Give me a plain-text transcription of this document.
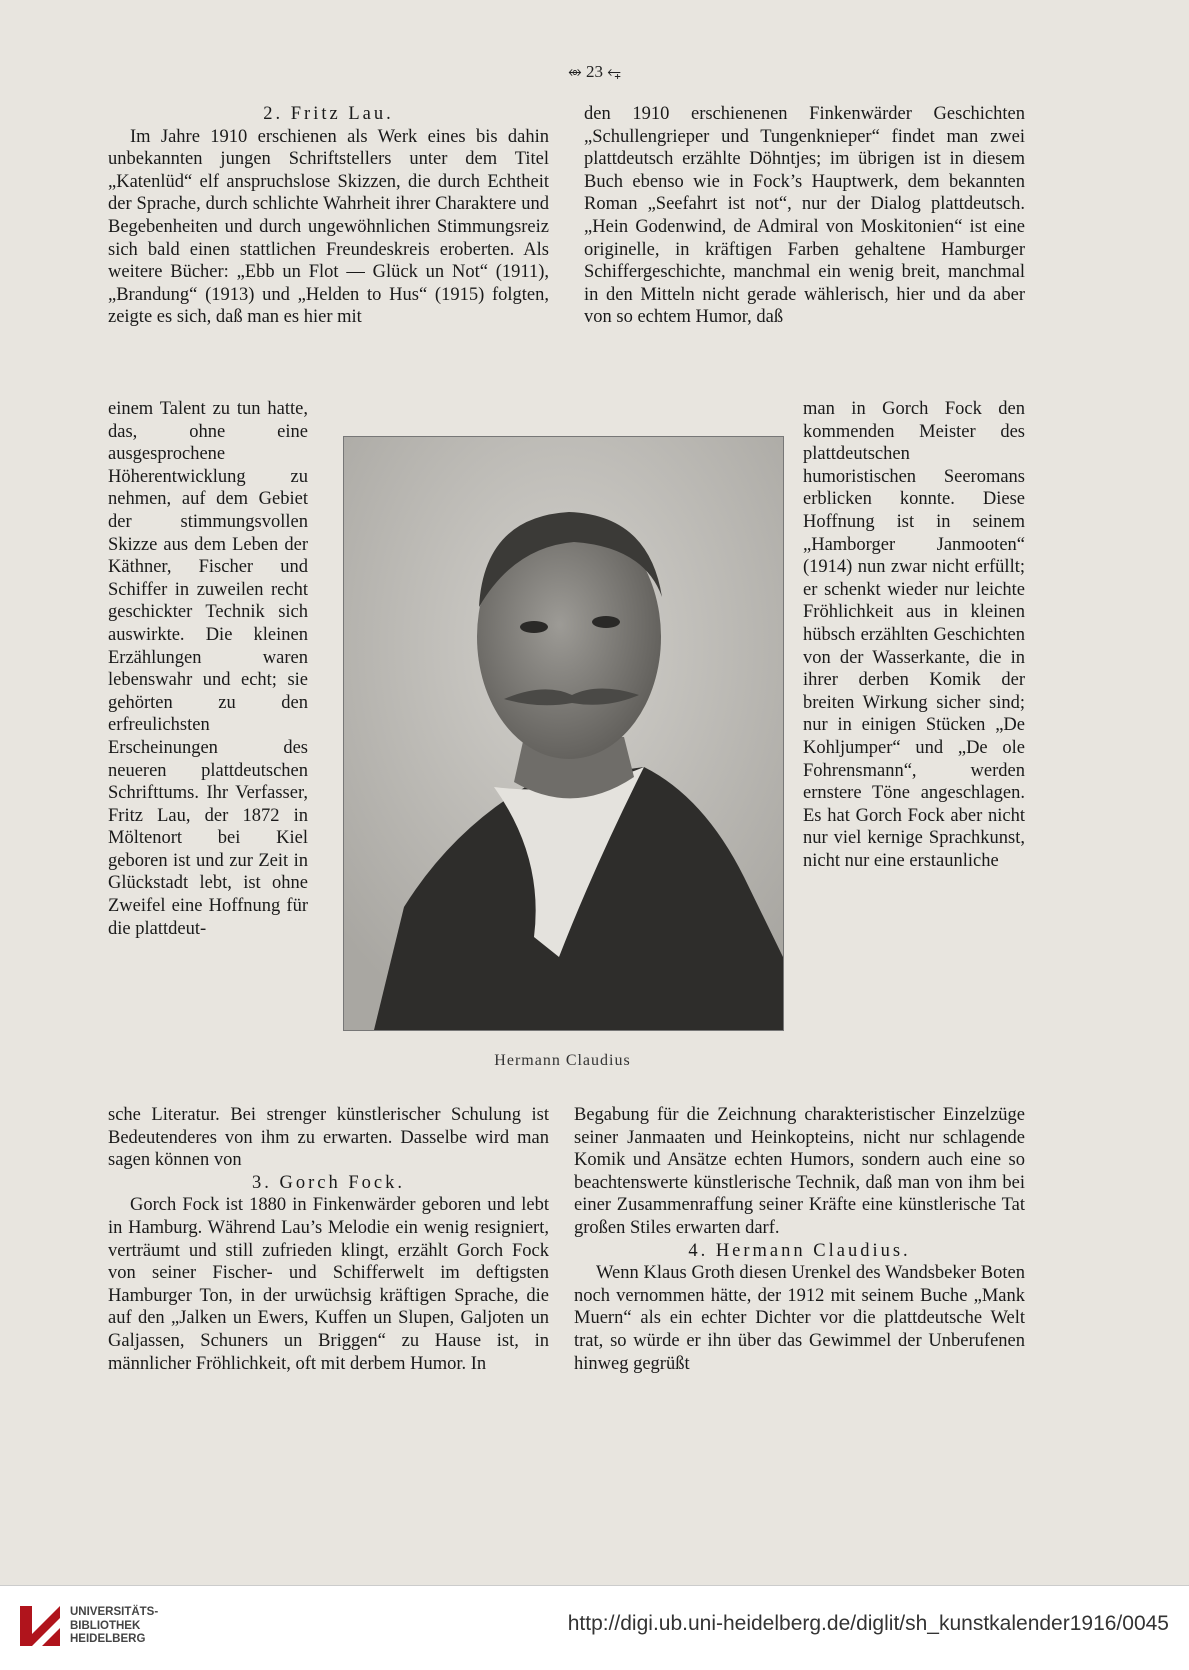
⥈ 23 ⥆

2. Fritz Lau.

Im Jahre 1910 erschienen als Werk eines bis dahin unbekannten jungen Schriftstellers unter dem Titel „Katenlüd“ elf anspruchslose Skizzen, die durch Echtheit der Sprache, durch schlichte Wahrheit ihrer Charaktere und Begebenheiten und durch ungewöhnlichen Stimmungsreiz sich bald einen stattlichen Freundeskreis eroberten. Als weitere Bücher: „Ebb un Flot — Glück un Not“ (1911), „Brandung“ (1913) und „Helden to Hus“ (1915) folgten, zeigte es sich, daß man es hier mit

einem Talent zu tun hatte, das, ohne eine ausgesprochene Höherentwicklung zu nehmen, auf dem Gebiet der stimmungsvollen Skizze aus dem Leben der Käthner, Fischer und Schiffer in zuweilen recht geschickter Technik sich auswirkte. Die kleinen Erzählungen waren lebenswahr und echt; sie gehörten zu den erfreulichsten Erscheinungen des neueren plattdeutschen Schrifttums. Ihr Verfasser, Fritz Lau, der 1872 in Möltenort bei Kiel geboren ist und zur Zeit in Glückstadt lebt, ist ohne Zweifel eine Hoffnung für die plattdeut-

sche Literatur. Bei strenger künstlerischer Schulung ist Bedeutenderes von ihm zu erwarten. Dasselbe wird man sagen können von

3. Gorch Fock.

Gorch Fock ist 1880 in Finkenwärder geboren und lebt in Hamburg. Während Lau’s Melodie ein wenig resigniert, verträumt und still zufrieden klingt, erzählt Gorch Fock von seiner Fischer- und Schifferwelt im deftigsten Hamburger Ton, in der urwüchsig kräftigen Sprache, die auf den „Jalken un Ewers, Kuffen un Slupen, Galjoten un Galjassen, Schuners un Briggen“ zu Hause ist, in männlicher Fröhlichkeit, oft mit derbem Humor. In

den 1910 erschienenen Finkenwärder Geschichten „Schullengrieper und Tungenknieper“ findet man zwei plattdeutsch erzählte Döhntjes; im übrigen ist in diesem Buch ebenso wie in Fock’s Hauptwerk, dem bekannten Roman „Seefahrt ist not“, nur der Dialog plattdeutsch. „Hein Godenwind, de Admiral von Moskitonien“ ist eine originelle, in kräftigen Farben gehaltene Hamburger Schiffergeschichte, manchmal ein wenig breit, manchmal in den Mitteln nicht gerade wählerisch, hier und da aber von so echtem Humor, daß

man in Gorch Fock den kommenden Meister des plattdeutschen humoristischen Seeromans erblicken konnte. Diese Hoffnung ist in seinem „Hamborger Janmooten“ (1914) nun zwar nicht erfüllt; er schenkt wieder nur leichte Fröhlichkeit aus in kleinen hübsch erzählten Geschichten von der Wasserkante, die in ihrer derben Komik der breiten Wirkung sicher sind; nur in einigen Stücken „De Kohljumper“ und „De ole Fohrensmann“, werden ernstere Töne angeschlagen. Es hat Gorch Fock aber nicht nur viel kernige Sprachkunst, nicht nur eine erstaunliche

Begabung für die Zeichnung charakteristischer Einzelzüge seiner Janmaaten und Heinkopteins, nicht nur schlagende Komik und Ansätze echten Humors, sondern auch eine so beachtenswerte künstlerische Technik, daß man von ihm bei einer Zusammenraffung seiner Kräfte eine künstlerische Tat großen Stiles erwarten darf.

4. Hermann Claudius.

Wenn Klaus Groth diesen Urenkel des Wandsbeker Boten noch vernommen hätte, der 1912 mit seinem Buche „Mank Muern“ als ein echter Dichter vor die plattdeutsche Welt trat, so würde er ihn über das Gewimmel der Unberufenen hinweg gegrüßt

Hermann Claudius
UNIVERSITÄTS-
BIBLIOTHEK
HEIDELBERG
http://digi.ub.uni-heidelberg.de/diglit/sh_kunstkalender1916/0045
